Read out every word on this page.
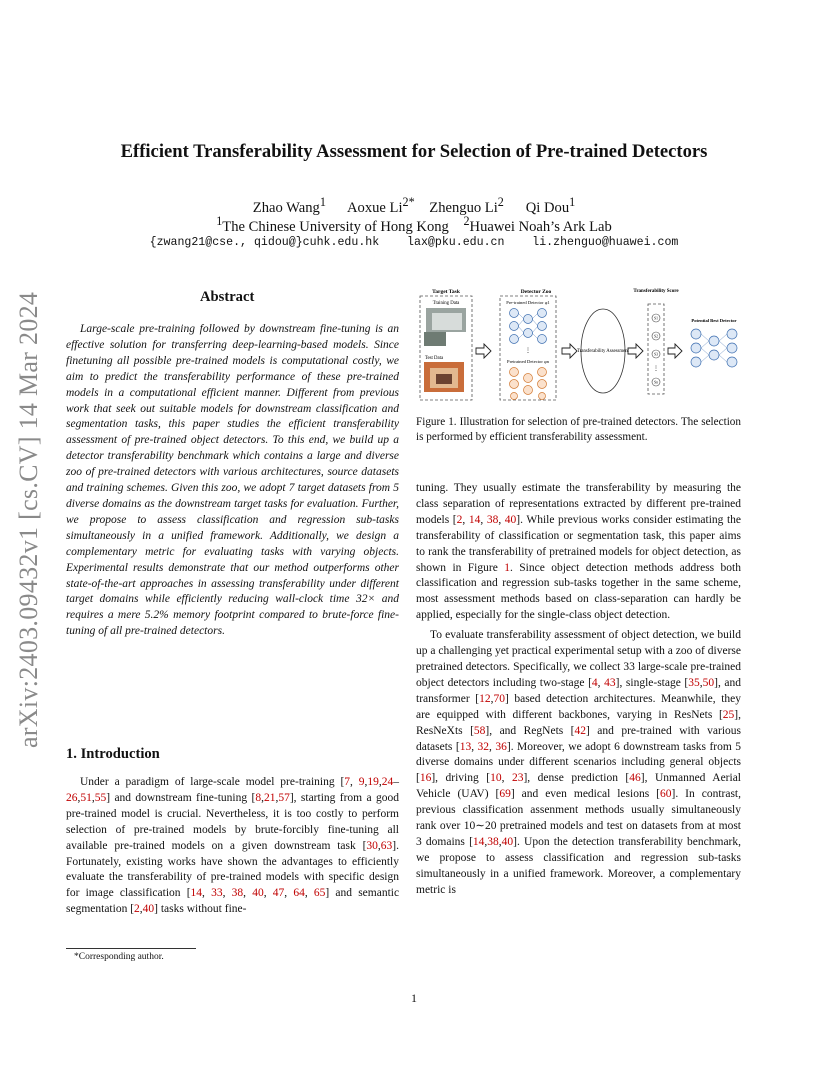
arXiv:2403.09432v1 [cs.CV] 14 Mar 2024
Efficient Transferability Assessment for Selection of Pre-trained Detectors
Zhao Wang$^1$ Aoxue $Li^{2*}$ Zhenguo Li$^2$ Qi Dou$^1$
$^1$The Chinese University of Hong Kong $^2$Huawei Noah’s Ark Lab
{zwang21@cse., qidou@}cuhk.edu.hk    lax@pku.edu.cn    li.zhenguo@huawei.com
Abstract
Large-scale pre-training followed by downstream fine-tuning is an effective solution for transferring deep-learning-based models. Since finetuning all possible pre-trained models is computational costly, we aim to predict the transferability performance of these pre-trained models in a computational efficient manner. Different from previous work that seek out suitable models for downstream classification and segmentation tasks, this paper studies the efficient transferability assessment of pre-trained object detectors. To this end, we build up a detector transferability benchmark which contains a large and diverse zoo of pre-trained detectors with various architectures, source datasets and training schemes. Given this zoo, we adopt 7 target datasets from 5 diverse domains as the downstream target tasks for evaluation. Further, we propose to assess classification and regression sub-tasks simultaneously in a unified framework. Additionally, we design a complementary metric for evaluating tasks with varying objects. Experimental results demonstrate that our method outperforms other state-of-the-art approaches in assessing transferability under different target domains while efficiently reducing wall-clock time 32× and requires a mere 5.2% memory footprint compared to brute-force fine-tuning of all pre-trained detectors.
1. Introduction
Under a paradigm of large-scale model pre-training [7, 9,19,24–26,51,55] and downstream fine-tuning [8,21,57], starting from a good pre-trained model is crucial. Nevertheless, it is too costly to perform selection of pre-trained models by brute-forcibly fine-tuning all available pre-trained models on a given downstream task [30,63]. Fortunately, existing works have shown the advantages to efficiently evaluate the transferability of pre-trained models with specific design for image classification [14, 33, 38, 40, 47, 64, 65] and semantic segmentation [2,40] tasks without fine-
*Corresponding author.
1
Target Task	Detector Zoo	Transferability Score
Training Data
Test Data
Pre-trained Detector φ1
⋮
Pretrained Detector φn
Transferability Assessment
S1
S2
S3
Sn
⋮
Potential Best Detector
Figure 1. Illustration for selection of pre-trained detectors. The selection is performed by efficient transferability assessment.

tuning. They usually estimate the transferability by measuring the class separation of representations extracted by different pre-trained models [2, 14, 38, 40]. While previous works consider estimating the transferability of classification or segmentation task, this paper aims to rank the transferability of pretrained models for object detection, as shown in Figure 1. Since object detection methods address both classification and regression sub-tasks together in the same scheme, most assessment methods based on class-separation can hardly be applied, especially for the single-class object detection.

To evaluate transferability assessment of object detection, we build up a challenging yet practical experimental setup with a zoo of diverse pretrained detectors. Specifically, we collect 33 large-scale pre-trained object detectors including two-stage [4, 43], single-stage [35,50], and transformer [12,70] based detection architectures. Meanwhile, they are equipped with different backbones, varying in ResNets [25], ResNeXts [58], and RegNets [42] and pre-trained with various datasets [13, 32, 36]. Moreover, we adopt 6 downstream tasks from 5 diverse domains under different scenarios including general objects [16], driving [10, 23], dense prediction [46], Unmanned Aerial Vehicle (UAV) [69] and even medical lesions [60]. In contrast, previous classification assenment methods usually simultaneously rank over 10∼20 pretrained models and test on datasets from at most 3 domains [14,38,40]. Upon the detection transferability benchmark, we propose to assess classification and regression sub-tasks simultaneously in a unified framework. Moreover, a complementary metric is
